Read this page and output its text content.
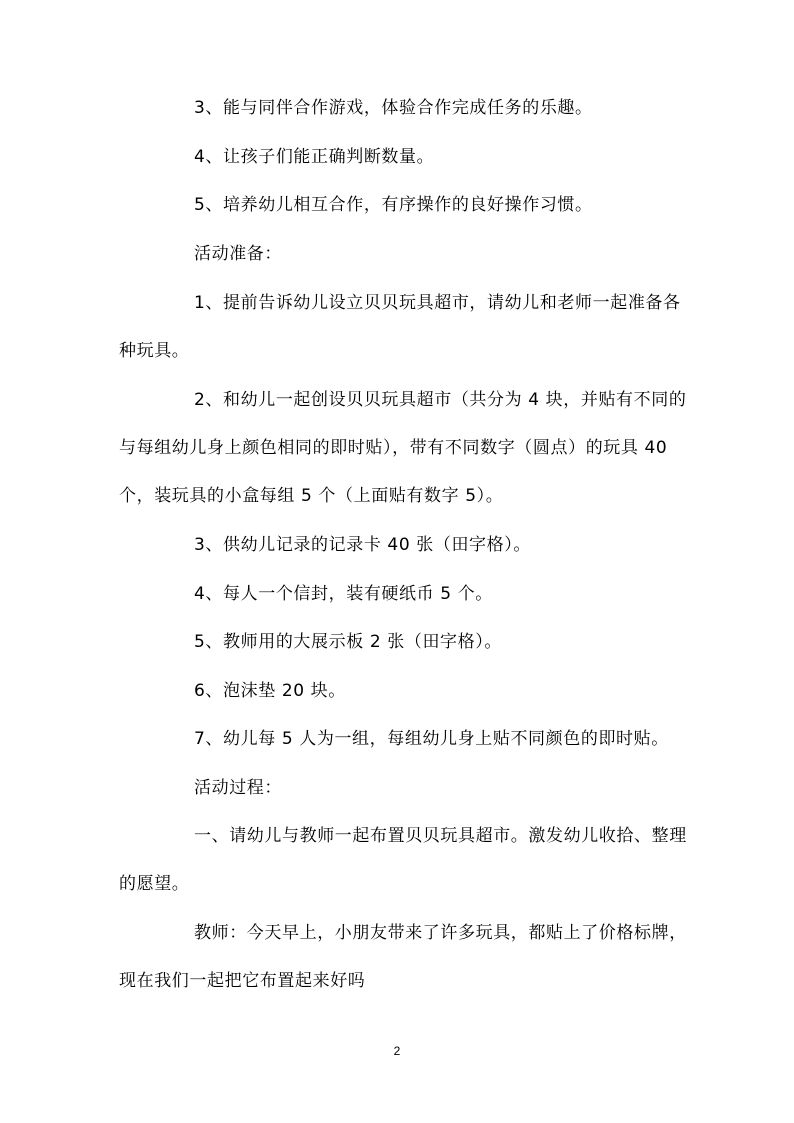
3、能与同伴合作游戏，体验合作完成任务的乐趣。

4、让孩子们能正确判断数量。

5、培养幼儿相互合作，有序操作的良好操作习惯。

活动准备：

1、提前告诉幼儿设立贝贝玩具超市，请幼儿和老师一起准备各种玩具。

2、和幼儿一起创设贝贝玩具超市（共分为 4 块，并贴有不同的与每组幼儿身上颜色相同的即时贴），带有不同数字（圆点）的玩具 40个，装玩具的小盒每组 5 个（上面贴有数字 5）。

3、供幼儿记录的记录卡 40 张（田字格）。

4、每人一个信封，装有硬纸币 5 个。

5、教师用的大展示板 2 张（田字格）。

6、泡沫垫 20 块。

7、幼儿每 5 人为一组，每组幼儿身上贴不同颜色的即时贴。

活动过程：

一、请幼儿与教师一起布置贝贝玩具超市。激发幼儿收拾、整理的愿望。

教师：今天早上，小朋友带来了许多玩具，都贴上了价格标牌，现在我们一起把它布置起来好吗

2
